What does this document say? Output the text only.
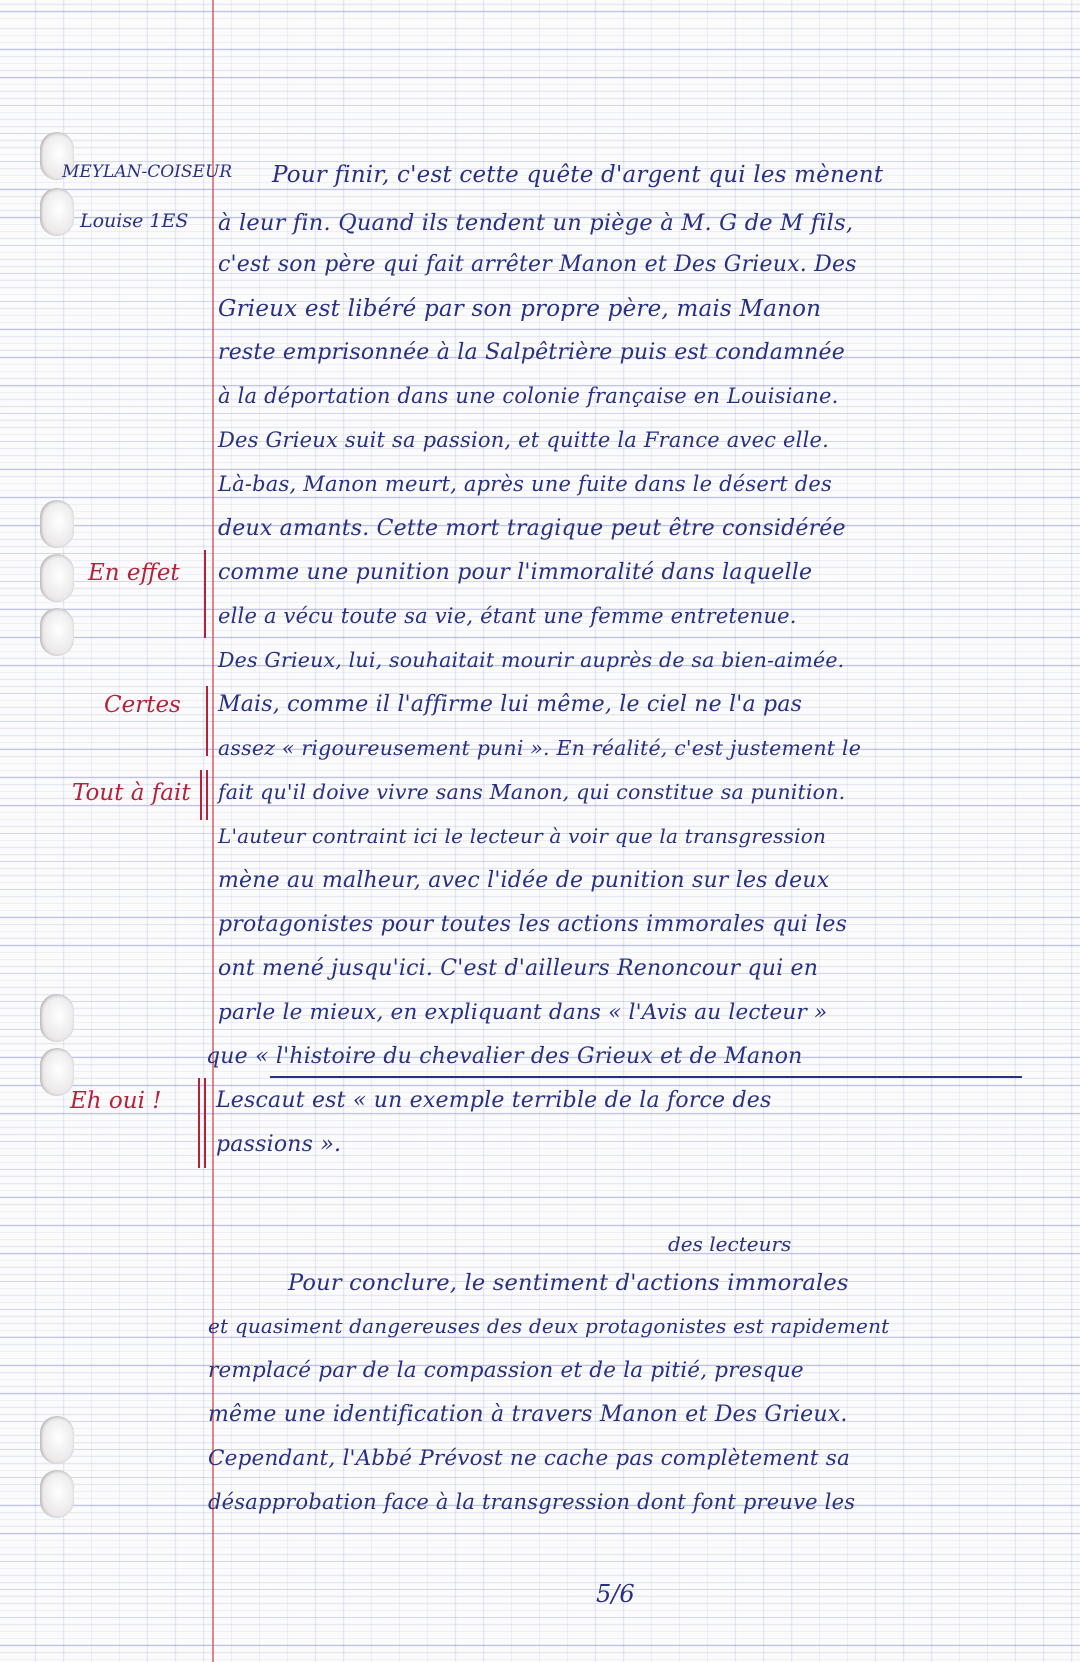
MEYLAN-COISEUR
Louise 1ES
Pour finir, c'est cette quête d'argent qui les mènent
à leur fin. Quand ils tendent un piège à M. G de M fils,
c'est son père qui fait arrêter Manon et Des Grieux. Des
Grieux est libéré par son propre père, mais Manon
reste emprisonnée à la Salpêtrière puis est condamnée
à la déportation dans une colonie française en Louisiane.
Des Grieux suit sa passion, et quitte la France avec elle.
Là-bas, Manon meurt, après une fuite dans le désert des
deux amants. Cette mort tragique peut être considérée
comme une punition pour l'immoralité dans laquelle
elle a vécu toute sa vie, étant une femme entretenue.
Des Grieux, lui, souhaitait mourir auprès de sa bien-aimée.
Mais, comme il l'affirme lui même, le ciel ne l'a pas
assez « rigoureusement puni ». En réalité, c'est justement le
fait qu'il doive vivre sans Manon, qui constitue sa punition.
L'auteur contraint ici le lecteur à voir que la transgression
mène au malheur, avec l'idée de punition sur les deux
protagonistes pour toutes les actions immorales qui les
ont mené jusqu'ici. C'est d'ailleurs Renoncour qui en
parle le mieux, en expliquant dans « l'Avis au lecteur »
que « l'histoire du chevalier des Grieux et de Manon
Lescaut est « un exemple terrible de la force des
passions ».
En effet
Certes
Tout à fait
Eh oui !
des lecteurs
Pour conclure, le sentiment d'actions immorales
et quasiment dangereuses des deux protagonistes est rapidement
remplacé par de la compassion et de la pitié, presque
même une identification à travers Manon et Des Grieux.
Cependant, l'Abbé Prévost ne cache pas complètement sa
désapprobation face à la transgression dont font preuve les
5/6
